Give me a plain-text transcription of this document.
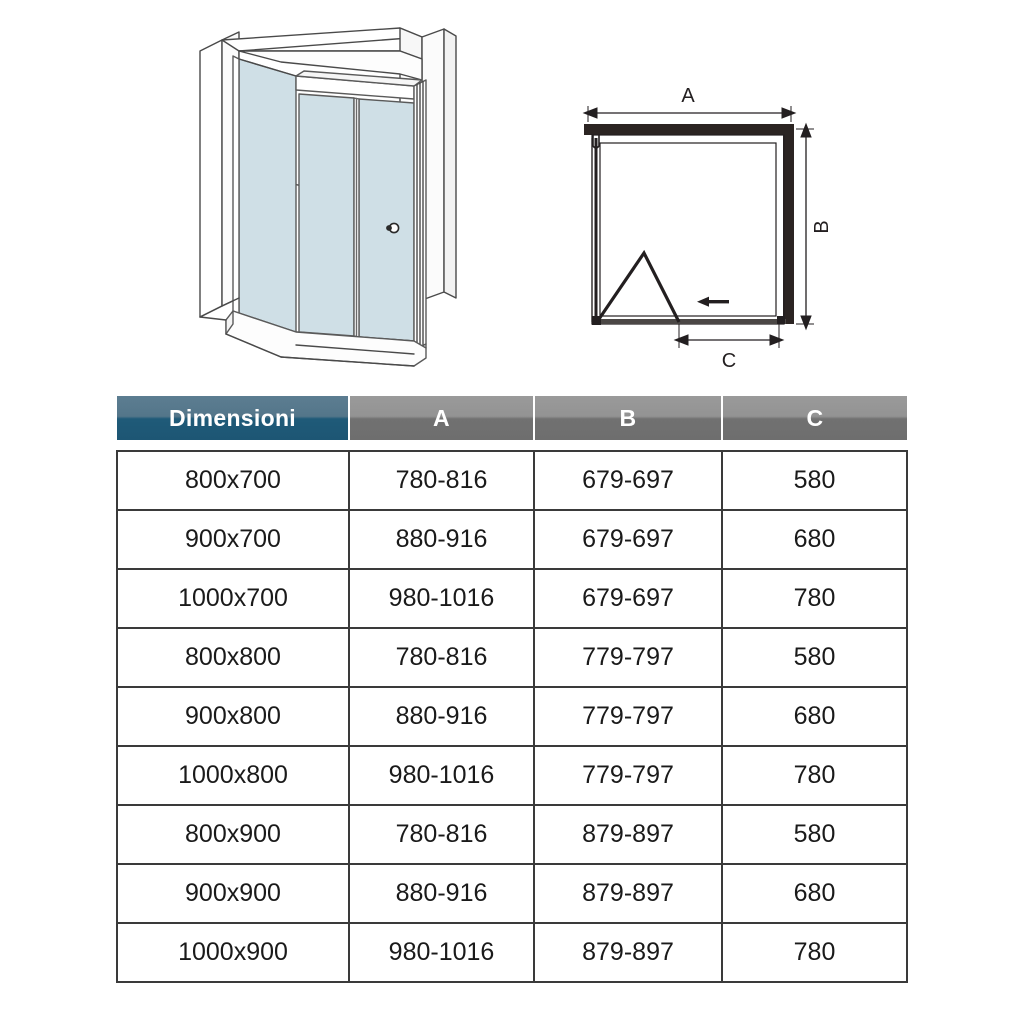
A
B
C
Dimensioni	A	B	C

800x700	780-816	679-697	580
900x700	880-916	679-697	680
1000x700	980-1016	679-697	780
800x800	780-816	779-797	580
900x800	880-916	779-797	680
1000x800	980-1016	779-797	780
800x900	780-816	879-897	580
900x900	880-916	879-897	680
1000x900	980-1016	879-897	780
